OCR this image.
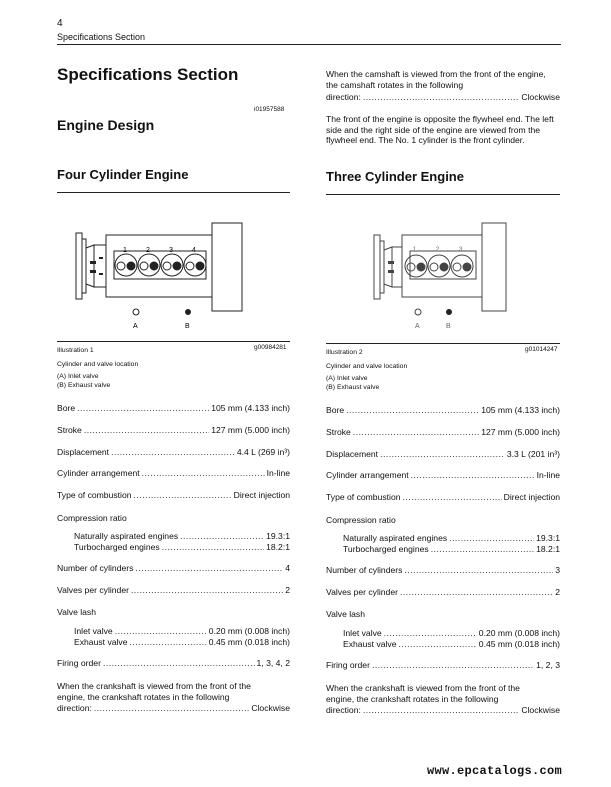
4
Specifications Section
Specifications Section
i01957588
Engine Design
Four Cylinder Engine
1	2	3	4
A	B
Illustration 1	g00984281
Cylinder and valve location
(A) Inlet valve
(B) Exhaust valve
Bore .....	105 mm (4.133 inch)
Stroke .....	127 mm (5.000 inch)
Displacement .....	4.4 L (269 in³)
Cylinder arrangement .....	In-line
Type of combustion .....	Direct injection
Compression ratio
Naturally aspirated engines .....	19.3:1
Turbocharged engines .....	18.2:1
Number of cylinders .....	4
Valves per cylinder .....	2
Valve lash
Inlet valve .....	0.20 mm (0.008 inch)
Exhaust valve .....	0.45 mm (0.018 inch)
Firing order .....	1, 3, 4, 2
When the crankshaft is viewed from the front of the engine, the crankshaft rotates in the following
direction: .....	Clockwise
When the camshaft is viewed from the front of the engine, the camshaft rotates in the following
direction: .....	Clockwise
The front of the engine is opposite the flywheel end. The left side and the right side of the engine are viewed from the flywheel end. The No. 1 cylinder is the front cylinder.
Three Cylinder Engine
1	2	3
A	B
Illustration 2	g01014247
Cylinder and valve location
(A) Inlet valve
(B) Exhaust valve
Bore .....	105 mm (4.133 inch)
Stroke .....	127 mm (5.000 inch)
Displacement .....	3.3 L (201 in³)
Cylinder arrangement .....	In-line
Type of combustion .....	Direct injection
Compression ratio
Naturally aspirated engines .....	19.3:1
Turbocharged engines .....	18.2:1
Number of cylinders .....	3
Valves per cylinder .....	2
Valve lash
Inlet valve .....	0.20 mm (0.008 inch)
Exhaust valve .....	0.45 mm (0.018 inch)
Firing order .....	1, 2, 3
When the crankshaft is viewed from the front of the engine, the crankshaft rotates in the following
direction: .....	Clockwise
www.epcatalogs.com
